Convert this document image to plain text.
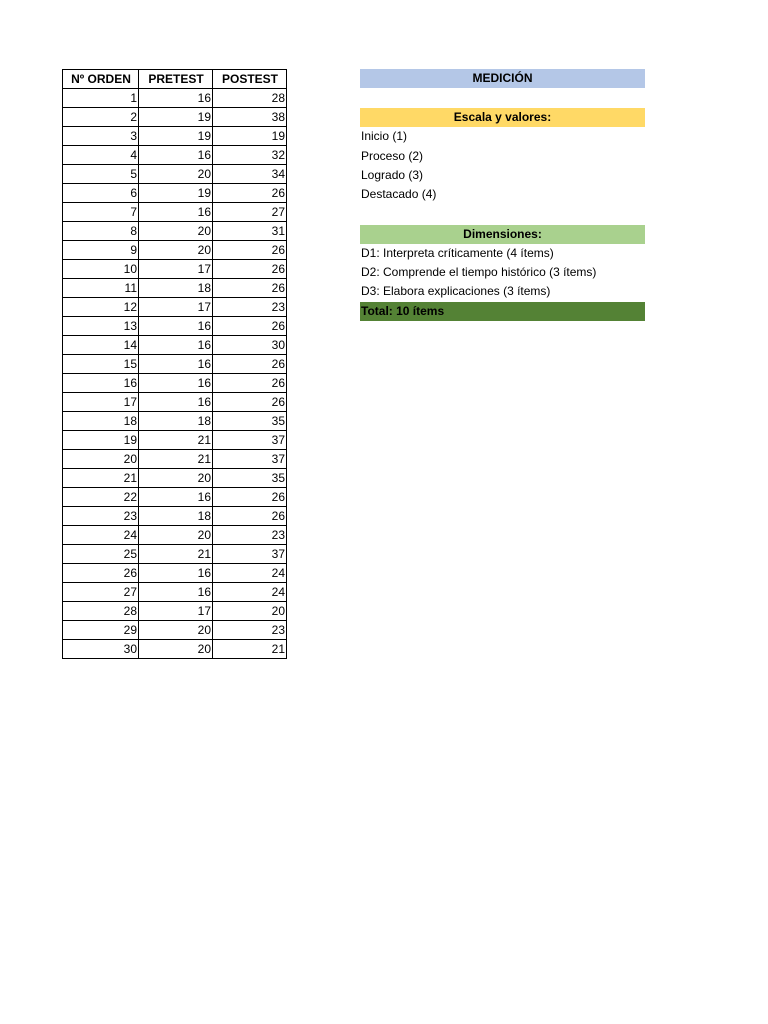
Nº ORDEN	PRETEST	POSTEST
1	16	28
2	19	38
3	19	19
4	16	32
5	20	34
6	19	26
7	16	27
8	20	31
9	20	26
10	17	26
11	18	26
12	17	23
13	16	26
14	16	30
15	16	26
16	16	26
17	16	26
18	18	35
19	21	37
20	21	37
21	20	35
22	16	26
23	18	26
24	20	23
25	21	37
26	16	24
27	16	24
28	17	20
29	20	23
30	20	21
MEDICIÓN
Escala y valores:
Inicio (1)
Proceso (2)
Logrado (3)
Destacado (4)
Dimensiones:
D1: Interpreta críticamente (4 ítems)
D2: Comprende el tiempo histórico (3 ítems)
D3: Elabora explicaciones (3 ítems)
Total: 10 ítems
